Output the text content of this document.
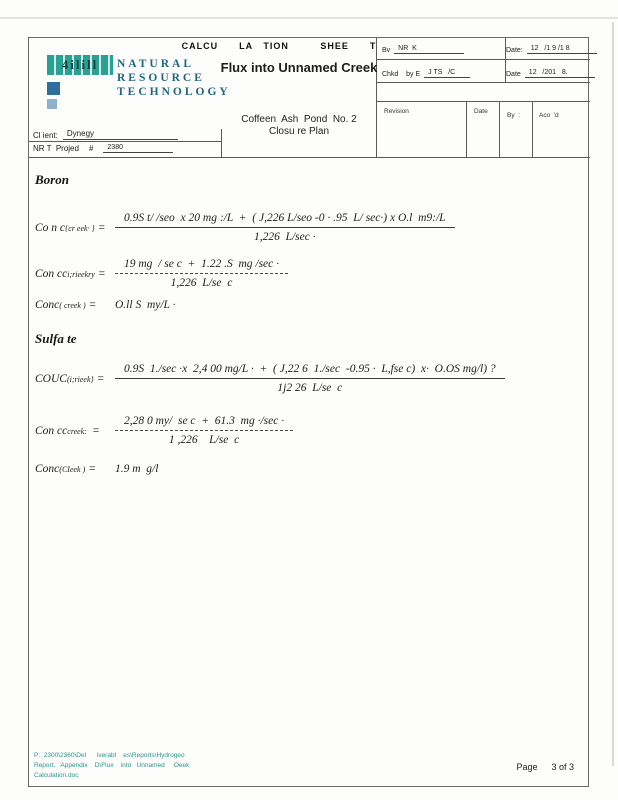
CALCU  LA TION   SHEE  T Bv	NR  K	Date:	12   /1 9 /1 8
Chkd    by E	J TS   /C	Date	12   /201   8.
Revision	Date
By  :	Aco  'd
4ilill NATURAL
RESOURCE
TECHNOLOGY
Flux into Unnamed Creek
Coffeen  Ash  Pond  No. 2
Closu re Plan
Cl ient:	Dynegy
NR T  Projed #	2380
Boron
Co n c {cr eek· } =
0.9S t/ /seo  x 20 mg :/L  +  ( J,226 L/seo -0 · .95  L/ sec·) x O.l  m9:/L
1,226  L/sec ·
Con cc i;rieekry = $\frac{\text{19 mg  / se c  +  1.22 .S  mg /sec ·}}{\text{1,226  L/se  c}}$
Conc ( creek ) = O.ll S  my/L ·
Sulfa te
COUC (i;rieek} =
0.9S  1./sec ·x  2,4 00 mg/L ·  +  ( J,22 6  1./sec  -0.95 ·  L,fse c)  x·  O.OS mg/l) ?
1j2 26  L/se  c
Con cc creek: = $\frac{\text{2,28 0 my/  se c  +  61.3  mg ·/sec ·}}{\text{1 ,226    L/se  c}}$
Conc (CIeek ) = 1.9 m  g/l
P:  2300\2360\Del      iverabl    es\Reports\Hydrogeo
Report.   Appendix    D\Flux    into   Unnamed     Oeek
Calculation.doc
Page 3 of 3
